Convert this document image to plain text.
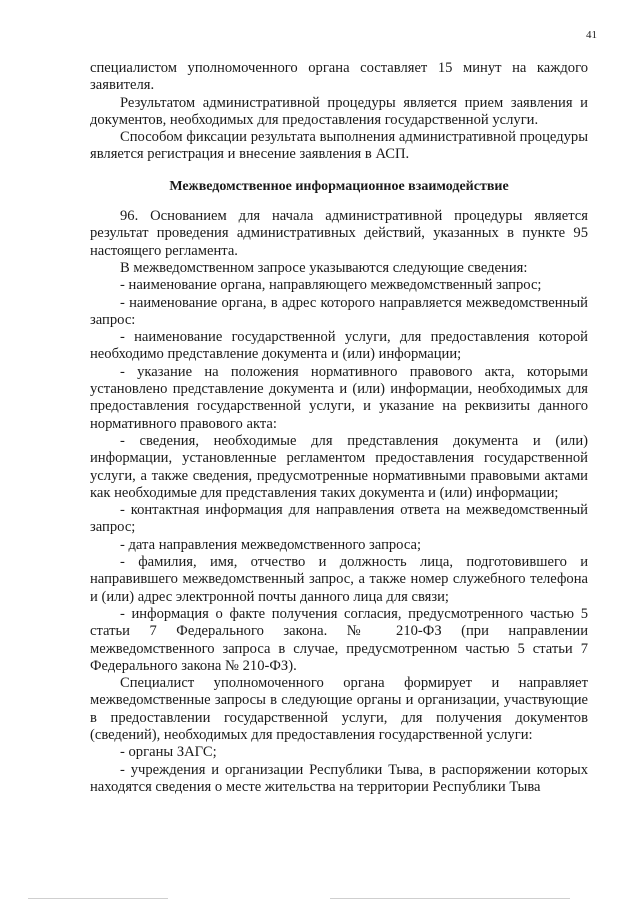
41

специалистом уполномоченного органа составляет 15 минут на каждого заявителя.

Результатом административной процедуры является прием заявления и документов, необходимых для предоставления государственной услуги.

Способом фиксации результата выполнения административной процедуры является регистрация и внесение заявления в АСП.

Межведомственное информационное взаимодействие

96. Основанием для начала административной процедуры является результат проведения административных действий, указанных в пункте 95 настоящего регламента.

В межведомственном запросе указываются следующие сведения:

- наименование органа, направляющего межведомственный запрос;

- наименование органа, в адрес которого направляется межведомственный запрос:

- наименование государственной услуги, для предоставления которой необходимо представление документа и (или) информации;

- указание на положения нормативного правового акта, которыми установлено представление документа и (или) информации, необходимых для предоставления государственной услуги, и указание на реквизиты данного нормативного правового акта:

- сведения, необходимые для представления документа и (или) информации, установленные регламентом предоставления государственной услуги, а также сведения, предусмотренные нормативными правовыми актами как необходимые для представления таких документа и (или) информации;

- контактная информация для направления ответа на межведомственный запрос;

- дата направления межведомственного запроса;

- фамилия, имя, отчество и должность лица, подготовившего и направившего межведомственный запрос, а также номер служебного телефона и (или) адрес электронной почты данного лица для связи;

- информация о факте получения согласия, предусмотренного частью 5 статьи 7 Федерального закона. № 210-ФЗ (при направлении межведомственного запроса в случае, предусмотренном частью 5 статьи 7 Федерального закона № 210-ФЗ).

Специалист уполномоченного органа формирует и направляет межведомственные запросы в следующие органы и организации, участвующие в предоставлении государственной услуги, для получения документов (сведений), необходимых для предоставления государственной услуги:

- органы ЗАГС;

- учреждения и организации Республики Тыва, в распоряжении которых находятся сведения о месте жительства на территории Республики Тыва
